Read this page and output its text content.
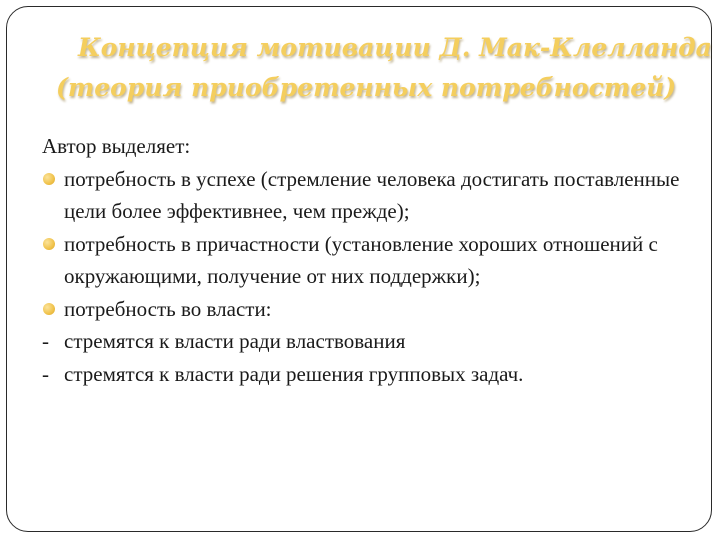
Концепция мотивации Д. Мак-Клелланда
(теория приобретенных потребностей)
Автор выделяет:
потребность в успехе (стремление человека достигать поставленные цели более эффективнее, чем прежде);
потребность в причастности (установление хороших отношений с окружающими, получение от них поддержки);
потребность во власти:
- стремятся к власти ради властвования
- стремятся к власти ради решения групповых задач.
